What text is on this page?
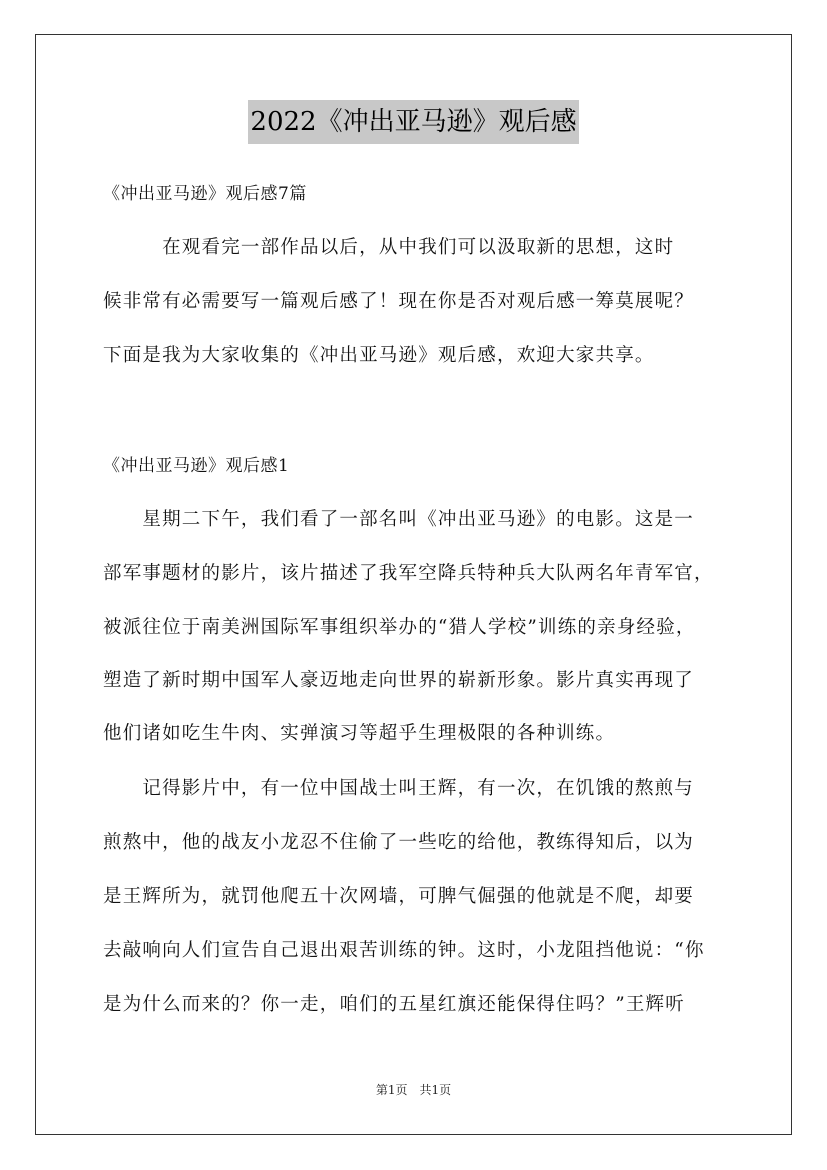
2022《冲出亚马逊》观后感
《冲出亚马逊》观后感7篇
　　　在观看完一部作品以后，从中我们可以汲取新的思想，这时
候非常有必需要写一篇观后感了！现在你是否对观后感一筹莫展呢？
下面是我为大家收集的《冲出亚马逊》观后感，欢迎大家共享。
《冲出亚马逊》观后感1
　　星期二下午，我们看了一部名叫《冲出亚马逊》的电影。这是一
部军事题材的影片，该片描述了我军空降兵特种兵大队两名年青军官，
被派往位于南美洲国际军事组织举办的“猎人学校”训练的亲身经验，
塑造了新时期中国军人豪迈地走向世界的崭新形象。影片真实再现了
他们诸如吃生牛肉、实弹演习等超乎生理极限的各种训练。
　　记得影片中，有一位中国战士叫王辉，有一次，在饥饿的熬煎与
煎熬中，他的战友小龙忍不住偷了一些吃的给他，教练得知后，以为
是王辉所为，就罚他爬五十次网墙，可脾气倔强的他就是不爬，却要
去敲响向人们宣告自己退出艰苦训练的钟。这时，小龙阻挡他说：“你
是为什么而来的？你一走，咱们的五星红旗还能保得住吗？”王辉听
第1页　共1页
